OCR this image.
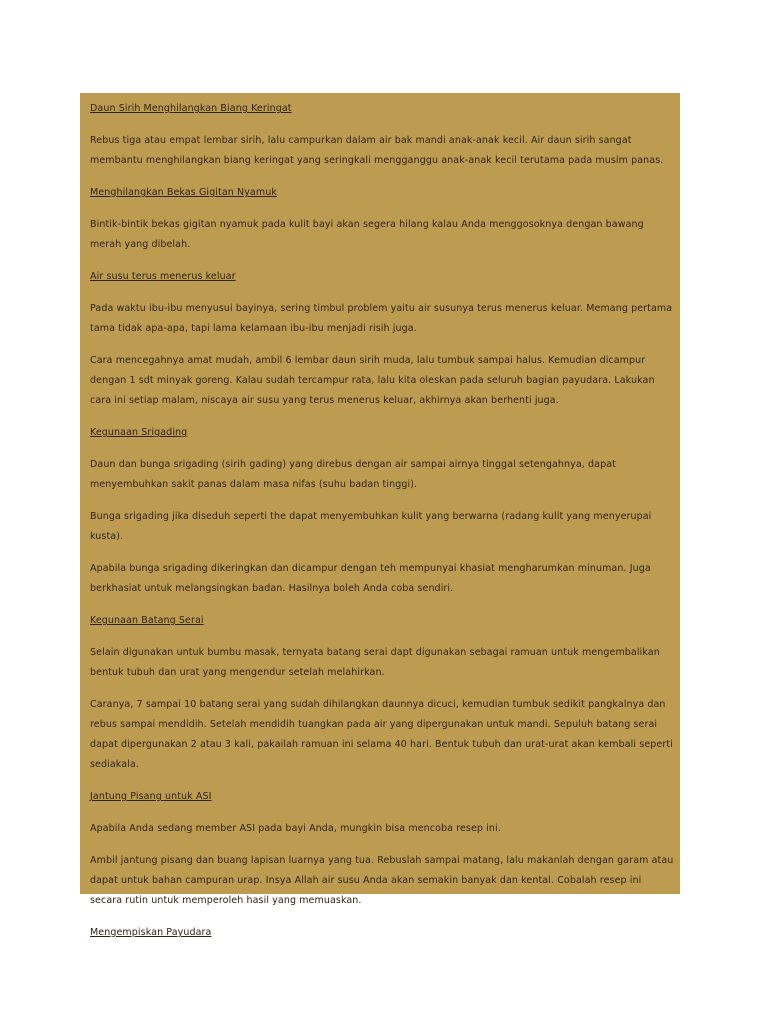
Daun Sirih Menghilangkan Biang Keringat

Rebus tiga atau empat lembar sirih, lalu campurkan dalam air bak mandi anak-anak kecil. Air daun sirih sangat membantu menghilangkan biang keringat yang seringkali mengganggu anak-anak kecil terutama pada musim panas.

Menghilangkan Bekas Gigitan Nyamuk

Bintik-bintik bekas gigitan nyamuk pada kulit bayi akan segera hilang kalau Anda menggosoknya dengan bawang merah yang dibelah.

Air susu terus menerus keluar

Pada waktu ibu-ibu menyusui bayinya, sering timbul problem yaitu air susunya terus menerus keluar. Memang pertama tama tidak apa-apa, tapi lama kelamaan ibu-ibu menjadi risih juga.

Cara mencegahnya amat mudah, ambil 6 lembar daun sirih muda, lalu tumbuk sampai halus. Kemudian dicampur dengan 1 sdt minyak goreng. Kalau sudah tercampur rata, lalu kita oleskan pada seluruh bagian payudara. Lakukan cara ini setiap malam, niscaya air susu yang terus menerus keluar, akhirnya akan berhenti juga.

Kegunaan Srigading

Daun dan bunga srigading (sirih gading) yang direbus dengan air sampai airnya tinggal setengahnya, dapat menyembuhkan sakit panas dalam masa nifas (suhu badan tinggi).

Bunga srigading jika diseduh seperti the dapat menyembuhkan kulit yang berwarna (radang kulit yang menyerupai kusta).

Apabila bunga srigading dikeringkan dan dicampur dengan teh mempunyai khasiat mengharumkan minuman. Juga berkhasiat untuk melangsingkan badan. Hasilnya boleh Anda coba sendiri.

Kegunaan Batang Serai

Selain digunakan untuk bumbu masak, ternyata batang serai dapt digunakan sebagai ramuan untuk mengembalikan bentuk tubuh dan urat yang mengendur setelah melahirkan.

Caranya, 7 sampai 10 batang serai yang sudah dihilangkan daunnya dicuci, kemudian tumbuk sedikit pangkalnya dan rebus sampai mendidih. Setelah mendidih tuangkan pada air yang dipergunakan untuk mandi. Sepuluh batang serai dapat dipergunakan 2 atau 3 kali, pakailah ramuan ini selama 40 hari. Bentuk tubuh dan urat-urat akan kembali seperti sediakala.

Jantung Pisang untuk ASI

Apabila Anda sedang member ASI pada bayi Anda, mungkin bisa mencoba resep ini.

Ambil jantung pisang dan buang lapisan luarnya yang tua. Rebuslah sampai matang, lalu makanlah dengan garam atau dapat untuk bahan campuran urap. Insya Allah air susu Anda akan semakin banyak dan kental. Cobalah resep ini secara rutin untuk memperoleh hasil yang memuaskan.

Mengempiskan Payudara
